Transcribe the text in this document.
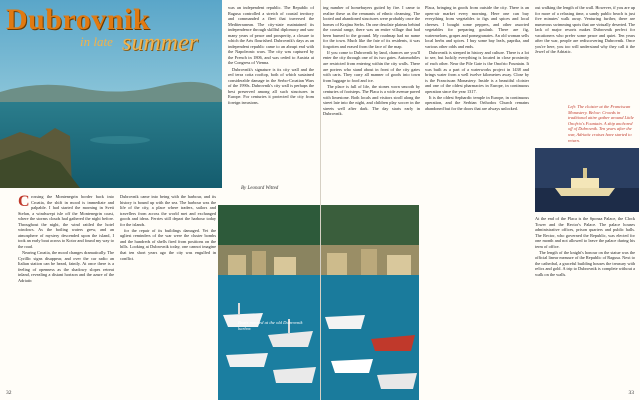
Dubrovnik
in late summer
By Leonard Witted

Crossing the Montenegrin border back into Croatia, the shift in mood is immediate and palpable. I had started the morning in Sveti Stefan, a windswept isle off the Montenegrin coast, where the storms clouds had gathered the night before. Throughout the night, the wind rattled the hotel windows. As the boiling waters grew, and an atmosphere of mystery descended upon the island, I took an early boat across to Kotor and found my way to the road.

Nearing Croatia, the mood changes dramatically. The Cyrillic signs disappear, and over the car radio an Italian station can be heard, faintly. At once there is a feeling of openness as the shadowy slopes retreat inland, revealing a distant horizon and the azure of the Adriatic

was an independent republic. The Republic of Ragusa controlled a stretch of coastal territory and commanded a fleet that traversed the Mediterranean. The city-state maintained its independence through skillful diplomacy and saw many years of peace and prosperity, a closure to which the Arts flourished. Dubrovnik's days as an independent republic came to an abrupt end with the Napoleonic wars. The city was captured by the French in 1806, and was ceded to Austria at the Congress of Vienna.

Dubrovnik's signature is its city wall and the red terra cotta rooftop, both of which sustained considerable damage in the Serbo-Croatian Wars of the 1990s. Dubrovnik's city wall is perhaps the best preserved among all such structures in Europe. For centuries it protected the city from foreign invasions.

Dubrovnik came into being with the harbour, and its history is bound up with the sea. The harbour was the life of the city, a place where traders, sailors and travellers from across the world met and exchanged goods and ideas. Ferries still depart the harbour today for the islands.

for the repair of its buildings damaged. Yet the ugliest reminders of the war were the cluster bombs and the hundreds of shells fired from positions on the hills. Looking at Dubrovnik today, one cannot imagine that ten short years ago the city was engulfed in conflict.

Boats moored at the old Dubrovnik harbor.
32

ing number of homebuyers gutted by fire. I came to realize these as the remnants of ethnic cleansing. The looted and abandoned structures were probably once the homes of Krajina Serbs. On one desolate plateau behind the coastal range, there was an entire village that had been burned to the ground. My roadmap had no name for the town. Much like the fate of its residents, it was forgotten and erased from the face of the map.

If you come to Dubrovnik by land, chances are you'll enter the city through one of its two gates. Automobiles are restricted from entering within the city walls. There are porters who stand about in front of the city gates with carts. They carry all manner of goods into town from luggage to food and ice.

The place is full of life, the stones worn smooth by centuries of footsteps. The Placa is a wide avenue paved with limestone. Both locals and visitors stroll along the street late into the night, and children play soccer in the streets well after dark. The day starts early in Dubrovnik.

Placa, bringing in goods from outside the city. There is an open-air market every morning. Here one can buy everything from vegetables to figs and spices and local cheeses. I bought some peppers, and other assorted vegetables for preparing goulash. There are fig, watermelons, grapes and pomegranates. An old woman sells local herbs and spices. I buy some bay leafs, paprika, and various other odds and ends.

Dubrovnik is steeped in history and culture. There is a lot to see, but luckily everything is located in close proximity of each other. Near the Pile Gate is the Onofrio Fountain. It was built as a part of a waterworks project in 1438 and brings water from a well twelve kilometres away. Close by is the Franciscan Monastery. Inside is a beautiful cloister and one of the oldest pharmacies in Europe, in continuous operation since the year 1317.

It is the oldest Sephardic temple in Europe, in continuous operation, and the Serbian Orthodox Church remains abandoned but for the doors that are always unlocked.

out walking the length of the wall. However, if you are up for more of a relaxing time, a sandy public beach is just five minutes' walk away. Venturing further, there are numerous swimming spots that are virtually deserted. The lack of major resorts makes Dubrovnik perfect for vacationers who prefer some peace and quiet. Ten years after the war, people are rediscovering Dubrovnik. Once you're here, you too will understand why they call it the Jewel of the Adriatic.

Left: The cloister at the Franciscan Monastery. Below: Crowds in traditional attire gather around Little Onofrio's Fountain. A ship anchored off of Dubrovnik. Ten years after the war, Adriatic cruises have started to return.

At the end of the Placa is the Sponza Palace, the Clock Tower and the Rector's Palace. The palace houses administrative offices, prison quarters and public halls. The Rector, who governed the Republic, was elected for one month and not allowed to leave the palace during his term of office.

The length of the knight's honour on the statue was the official linear measure of the Republic of Ragusa. Next to the cathedral, a graceful building houses the treasury with relics and gold. A trip to Dubrovnik is complete without a walk on the walls.

33
